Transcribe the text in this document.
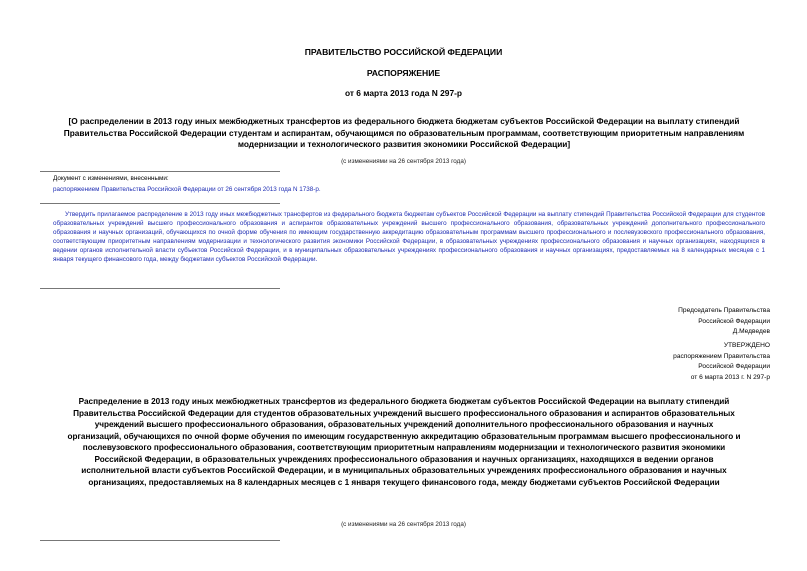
ПРАВИТЕЛЬСТВО РОССИЙСКОЙ ФЕДЕРАЦИИ
РАСПОРЯЖЕНИЕ
от 6 марта 2013 года N 297-р
[О распределении в 2013 году иных межбюджетных трансфертов из федерального бюджета бюджетам субъектов Российской Федерации на выплату стипендий
Правительства Российской Федерации студентам и аспирантам, обучающимся по образовательным программам, соответствующим приоритетным направлениям
модернизации и технологического развития экономики Российской Федерации]
(с изменениями на 26 сентября 2013 года)
Документ с изменениями, внесенными:
распоряжением Правительства Российской Федерации от 26 сентября 2013 года N 1738-р.
Утвердить прилагаемое распределение в 2013 году иных межбюджетных трансфертов из федерального бюджета бюджетам субъектов Российской Федерации на выплату стипендий Правительства Российской Федерации для студентов образовательных учреждений высшего профессионального образования и аспирантов образовательных учреждений высшего профессионального образования, образовательных учреждений дополнительного профессионального образования и научных организаций, обучающихся по очной форме обучения по имеющим государственную аккредитацию образовательным программам высшего профессионального и послевузовского профессионального образования, соответствующим приоритетным направлениям модернизации и технологического развития экономики Российской Федерации, в образовательных учреждениях профессионального образования и научных организациях, находящихся в ведении органов исполнительной власти субъектов Российской Федерации, и в муниципальных образовательных учреждениях профессионального образования и научных организациях, предоставляемых на 8 календарных месяцев с 1 января текущего финансового года, между бюджетами субъектов Российской Федерации.
Председатель Правительства
Российской Федерации
Д.Медведев
УТВЕРЖДЕНО
распоряжением Правительства
Российской Федерации
от 6 марта 2013 г. N 297-р
Распределение в 2013 году иных межбюджетных трансфертов из федерального бюджета бюджетам субъектов Российской Федерации на выплату стипендий
Правительства Российской Федерации для студентов образовательных учреждений высшего профессионального образования и аспирантов образовательных
учреждений высшего профессионального образования, образовательных учреждений дополнительного профессионального образования и научных
организаций, обучающихся по очной форме обучения по имеющим государственную аккредитацию образовательным программам высшего профессионального и
послевузовского профессионального образования, соответствующим приоритетным направлениям модернизации и технологического развития экономики
Российской Федерации, в образовательных учреждениях профессионального образования и научных организациях, находящихся в ведении органов
исполнительной власти субъектов Российской Федерации, и в муниципальных образовательных учреждениях профессионального образования и научных
организациях, предоставляемых на 8 календарных месяцев с 1 января текущего финансового года, между бюджетами субъектов Российской Федерации
(с изменениями на 26 сентября 2013 года)
